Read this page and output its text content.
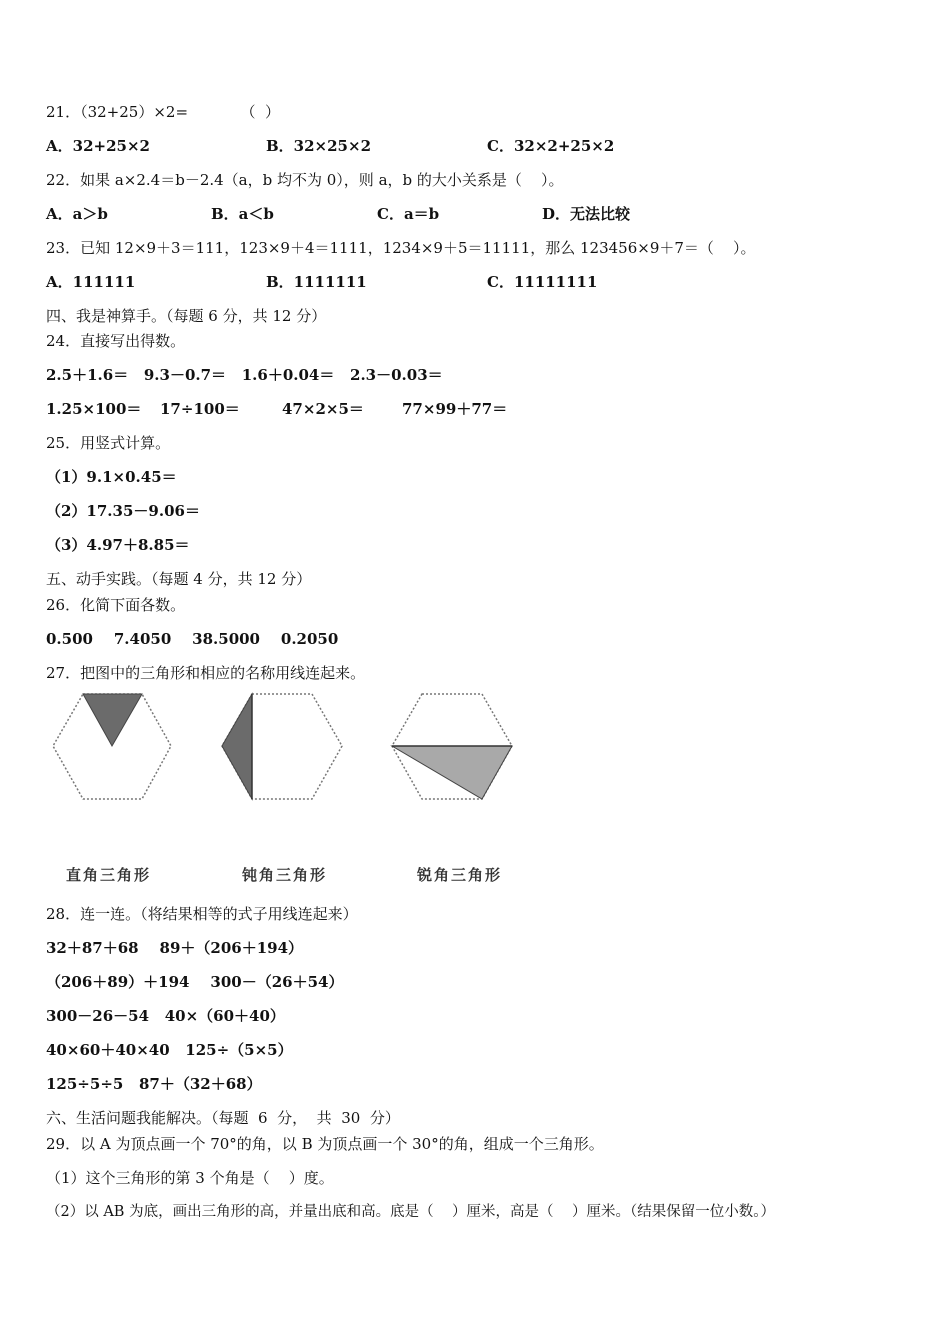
21．（32+25）×2=　　　　（  ）
A．32+25×2	B．32×25×2	C．32×2+25×2
22．如果 a×2.4＝b－2.4（a，b 均不为 0），则 a，b 的大小关系是（    ）。
A．a＞b	B．a＜b	C．a＝b	D．无法比较
23．已知 12×9＋3＝111，123×9＋4＝1111，1234×9＋5＝11111，那么 123456×9＋7＝（    ）。
A．111111	B．1111111	C．11111111
四、我是神算手。（每题 6 分，共 12 分）
24．直接写出得数。
2.5＋1.6＝   9.3－0.7＝   1.6＋0.04＝   2.3－0.03＝
1.25×100＝ 17÷100＝	47×2×5＝	77×99＋77＝
25．用竖式计算。
（1）9.1×0.45＝
（2）17.35－9.06＝
（3）4.97＋8.85＝
五、动手实践。（每题 4 分，共 12 分）
26．化简下面各数。
0.500    7.4050    38.5000    0.2050
27．把图中的三角形和相应的名称用线连起来。
直角三角形	钝角三角形	锐角三角形
28．连一连。（将结果相等的式子用线连起来）
32＋87＋68    89＋（206＋194）
（206＋89）＋194    300－（26＋54）
300－26－54   40×（60＋40）
40×60＋40×40   125÷（5×5）
125÷5÷5   87＋（32＋68）
六、生活问题我能解决。（每题  6  分，  共  30  分）
29．以 A 为顶点画一个 70°的角，以 B 为顶点画一个 30°的角，组成一个三角形。
（1）这个三角形的第 3 个角是（    ）度。
（2）以 AB 为底，画出三角形的高，并量出底和高。底是（    ）厘米，高是（    ）厘米。（结果保留一位小数。）
